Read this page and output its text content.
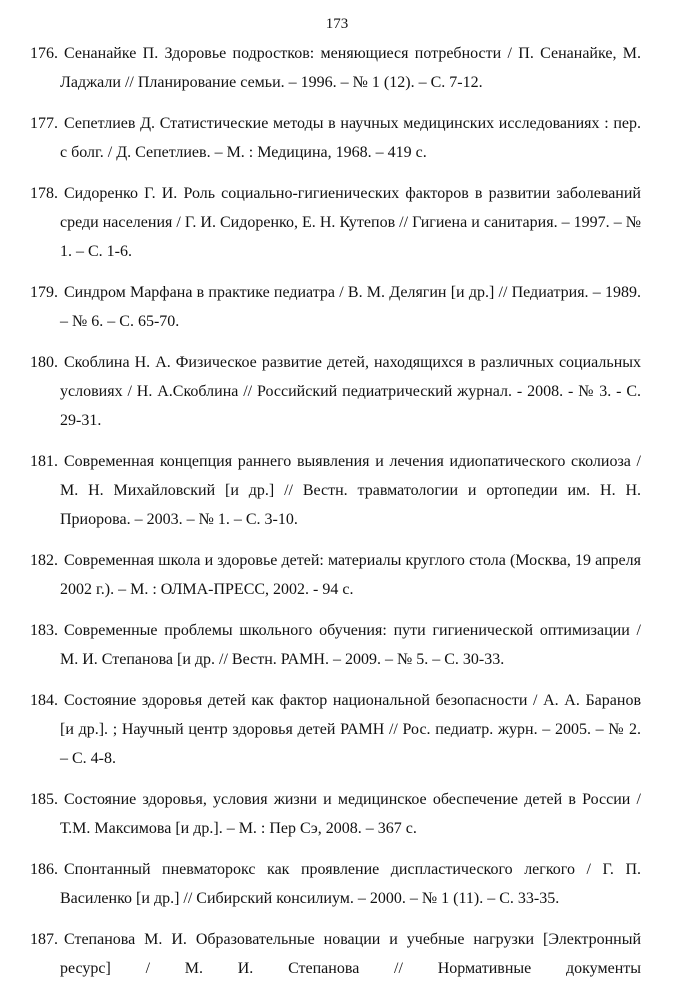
173
176. Сенанайке П. Здоровье подростков: меняющиеся потребности / П. Сенанайке, М. Ладжали // Планирование семьи. – 1996. – № 1 (12). – С. 7-12.
177. Сепетлиев Д. Статистические методы в научных медицинских исследованиях : пер. с болг. / Д. Сепетлиев. – М. : Медицина, 1968. – 419 с.
178. Сидоренко Г. И. Роль социально-гигиенических факторов в развитии заболеваний среди населения / Г. И. Сидоренко, Е. Н. Кутепов // Гигиена и санитария. – 1997. – № 1. – С. 1-6.
179. Синдром Марфана в практике педиатра / В. М. Делягин [и др.] // Педиатрия. – 1989. – № 6. – С. 65-70.
180. Скоблина Н. А. Физическое развитие детей, находящихся в различных социальных условиях / Н. А.Скоблина // Российский педиатрический журнал. - 2008. - № 3. - С. 29-31.
181. Современная концепция раннего выявления и лечения идиопатического сколиоза / М. Н. Михайловский [и др.] // Вестн. травматологии и ортопедии им. Н. Н. Приорова. – 2003. – № 1. – С. 3-10.
182. Современная школа и здоровье детей: материалы круглого стола (Москва, 19 апреля 2002 г.). – М. : ОЛМА-ПРЕСС, 2002. - 94 с.
183. Современные проблемы школьного обучения: пути гигиенической оптимизации / М. И. Степанова [и др. // Вестн. РАМН. – 2009. – № 5. – С. 30-33.
184. Состояние здоровья детей как фактор национальной безопасности / А. А. Баранов [и др.]. ; Научный центр здоровья детей РАМН // Рос. педиатр. журн. – 2005. – № 2. – С. 4-8.
185. Состояние здоровья, условия жизни и медицинское обеспечение детей в России / Т.М. Максимова [и др.]. – М. : Пер Сэ, 2008. – 367 с.
186. Спонтанный пневматорокс как проявление диспластического легкого / Г. П. Василенко [и др.] // Сибирский консилиум. – 2000. – № 1 (11). – С. 33-35.
187. Степанова М. И. Образовательные новации и учебные нагрузки [Электронный ресурс] / М. И. Степанова // Нормативные документы
